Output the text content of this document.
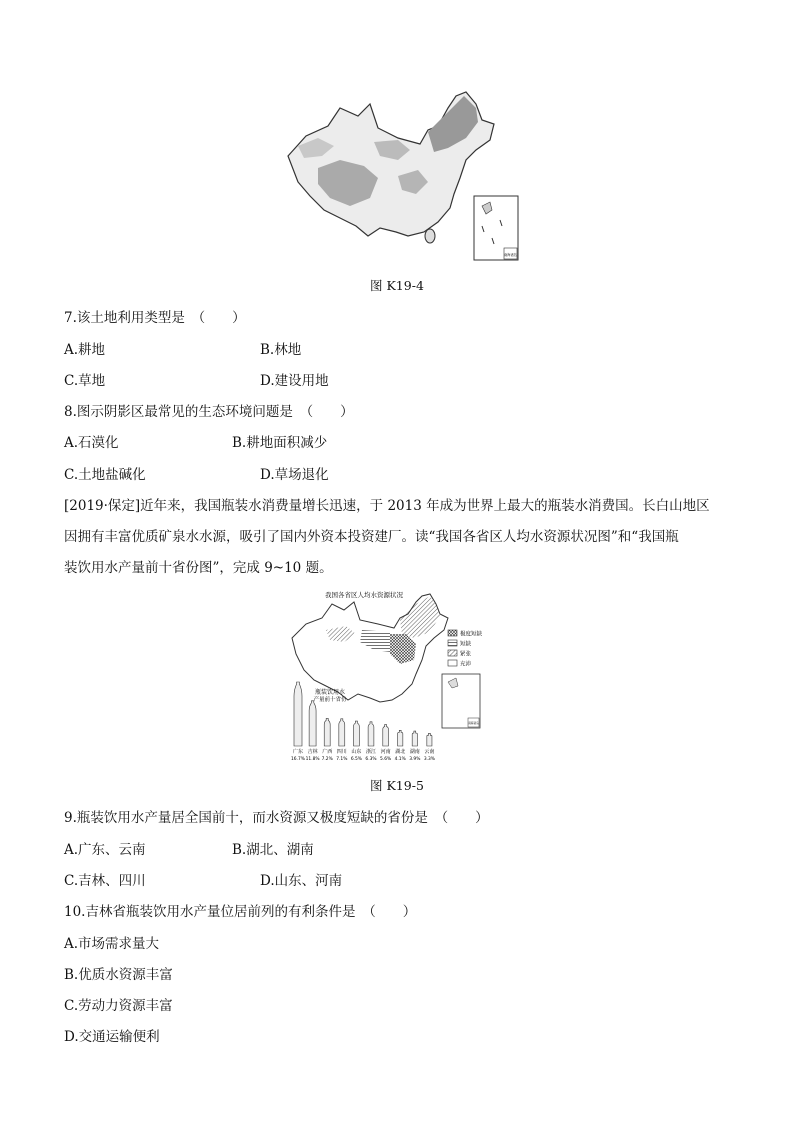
南海诸岛
图 K19-4
7.该土地利用类型是　（　　）
A.耕地	B.林地
C.草地	D.建设用地
8.图示阴影区最常见的生态环境问题是　（　　）
A.石漠化	B.耕地面积减少
C.土地盐碱化	D.草场退化
[2019·保定]近年来，我国瓶装水消费量增长迅速，于 2013 年成为世界上最大的瓶装水消费国。长白山地区
因拥有丰富优质矿泉水水源，吸引了国内外资本投资建厂。读“我国各省区人均水资源状况图”和“我国瓶
装饮用水产量前十省份图”，完成 9~10 题。
我国各省区人均水资源状况
极度短缺
短缺
紧张
充沛
南海诸岛
瓶装饮用水
产量前十省份
广东
16.7%
吉林
11.8%
广西
7.2%
四川
7.1%
山东
6.5%
浙江
6.3%
河南
5.6%
湖北
4.1%
湖南
3.9%
云南
3.3%
图 K19-5
9.瓶装饮用水产量居全国前十，而水资源又极度短缺的省份是　（　　）
A.广东、云南	B.湖北、湖南
C.吉林、四川	D.山东、河南
10.吉林省瓶装饮用水产量位居前列的有利条件是　（　　）
A.市场需求量大
B.优质水资源丰富
C.劳动力资源丰富
D.交通运输便利
